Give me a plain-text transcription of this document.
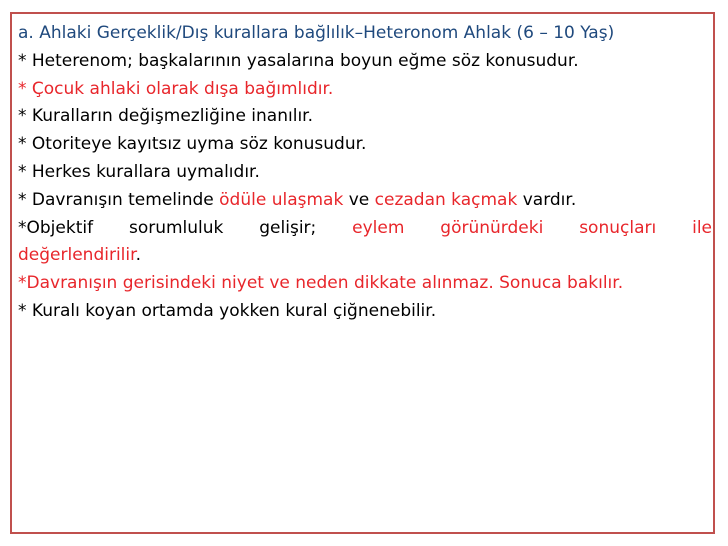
a. Ahlaki Gerçeklik/Dış kurallara bağlılık–Heteronom Ahlak (6 – 10 Yaş)
* Heterenom; başkalarının yasalarına boyun eğme söz konusudur.
* Çocuk ahlaki olarak dışa bağımlıdır.
* Kuralların değişmezliğine inanılır.
* Otoriteye kayıtsız uyma söz konusudur.
* Herkes kurallara uymalıdır.
* Davranışın temelinde ödüle ulaşmak ve cezadan kaçmak vardır.
*Objektif sorumluluk gelişir; eylem görünürdeki sonuçları ile
değerlendirilir.
*Davranışın gerisindeki niyet ve neden dikkate alınmaz. Sonuca bakılır.
* Kuralı koyan ortamda yokken kural çiğnenebilir.
